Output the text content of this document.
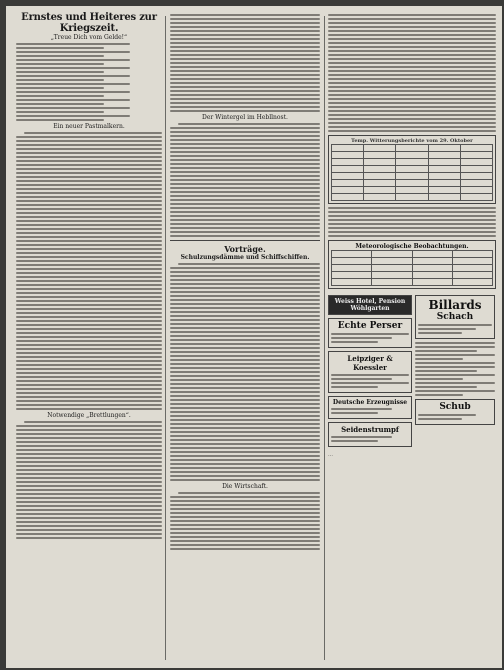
Ernstes und Heiteres zur Kriegszeit.
„Treue Dich vom Gelde!“
Ein neuer Pastmalkern.
Notwendige „Brettlungen“.
Der Wintergel im Hebllnost.
Vorträge.
Schulzungsdämme und Schiffschiffen.
Die Wirtschaft.
Temp. Witterungsberichte vom 29. Oktober

Meteorologische Beobachtungen.

Weiss Hotel, Pension Wöhlgarten
Echte Perser
Leipziger & Koessler
Deutsche Erzeugnisse
Seidenstrumpf
Billards
Schach
Schub
…
